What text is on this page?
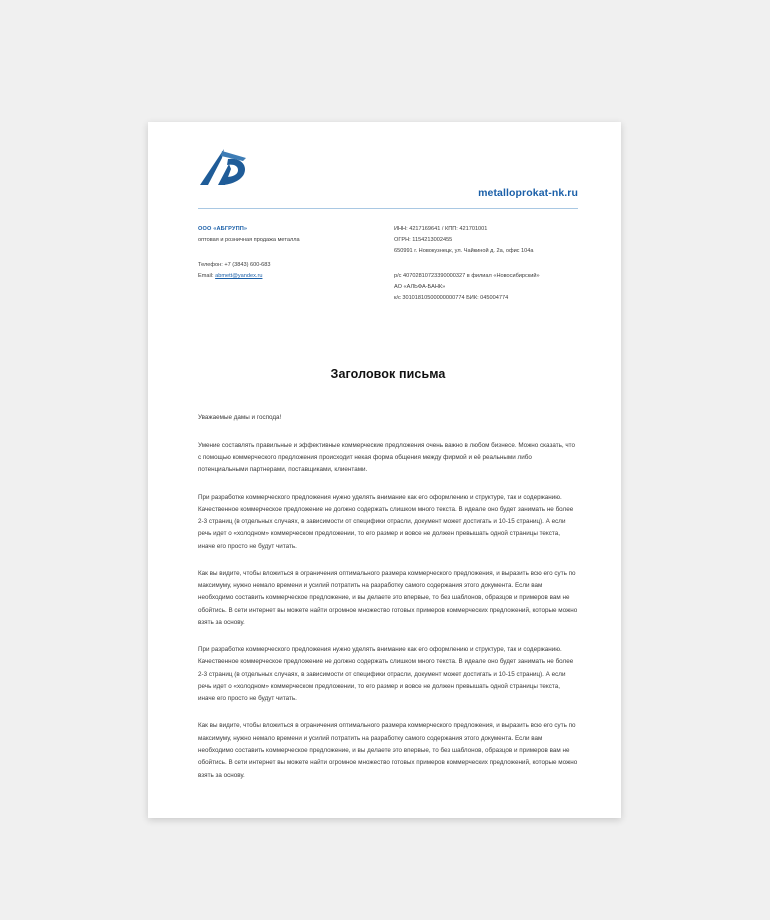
metalloprokat-nk.ru
ООО «АБГРУПП»
оптовая и розничная продажа металла
Телефон: +7 (3843) 600-683
Email: abmett@yandex.ru
ИНН: 4217169641 / КПП: 421701001
ОГРН: 1154213002455
650991 г. Новокузнецк, ул. Чайкиной д. 2а, офис 104а
р/с 40702810723390000327 в филиал «Новосибирский»
АО «АЛЬФА-БАНК»
к/с 30101810500000000774 БИК: 045004774
Заголовок письма
Уважаемые дамы и господа!
Умение составлять правильные и эффективные коммерческие предложения очень важно в любом бизнесе. Можно сказать, что с помощью коммерческого предложения происходит некая форма общения между фирмой и её реальными либо потенциальными партнерами, поставщиками, клиентами.
При разработке коммерческого предложения нужно уделять внимание как его оформлению и структуре, так и содержанию. Качественное коммерческое предложение не должно содержать слишком много текста. В идеале оно будет занимать не более 2-3 страниц (в отдельных случаях, в зависимости от специфики отрасли, документ может достигать и 10-15 страниц). А если речь идет о «холодном» коммерческом предложении, то его размер и вовсе не должен превышать одной страницы текста, иначе его просто не будут читать.
Как вы видите, чтобы вложиться в ограничения оптимального размера коммерческого предложения, и выразить всю его суть по максимуму, нужно немало времени и усилий потратить на разработку самого содержания этого документа. Если вам необходимо составить коммерческое предложение, и вы делаете это впервые, то без шаблонов, образцов и примеров вам не обойтись. В сети интернет вы можете найти огромное множество готовых примеров коммерческих предложений, которые можно взять за основу.
При разработке коммерческого предложения нужно уделять внимание как его оформлению и структуре, так и содержанию. Качественное коммерческое предложение не должно содержать слишком много текста. В идеале оно будет занимать не более 2-3 страниц (в отдельных случаях, в зависимости от специфики отрасли, документ может достигать и 10-15 страниц). А если речь идет о «холодном» коммерческом предложении, то его размер и вовсе не должен превышать одной страницы текста, иначе его просто не будут читать.
Как вы видите, чтобы вложиться в ограничения оптимального размера коммерческого предложения, и выразить всю его суть по максимуму, нужно немало времени и усилий потратить на разработку самого содержания этого документа. Если вам необходимо составить коммерческое предложение, и вы делаете это впервые, то без шаблонов, образцов и примеров вам не обойтись. В сети интернет вы можете найти огромное множество готовых примеров коммерческих предложений, которые можно взять за основу.
